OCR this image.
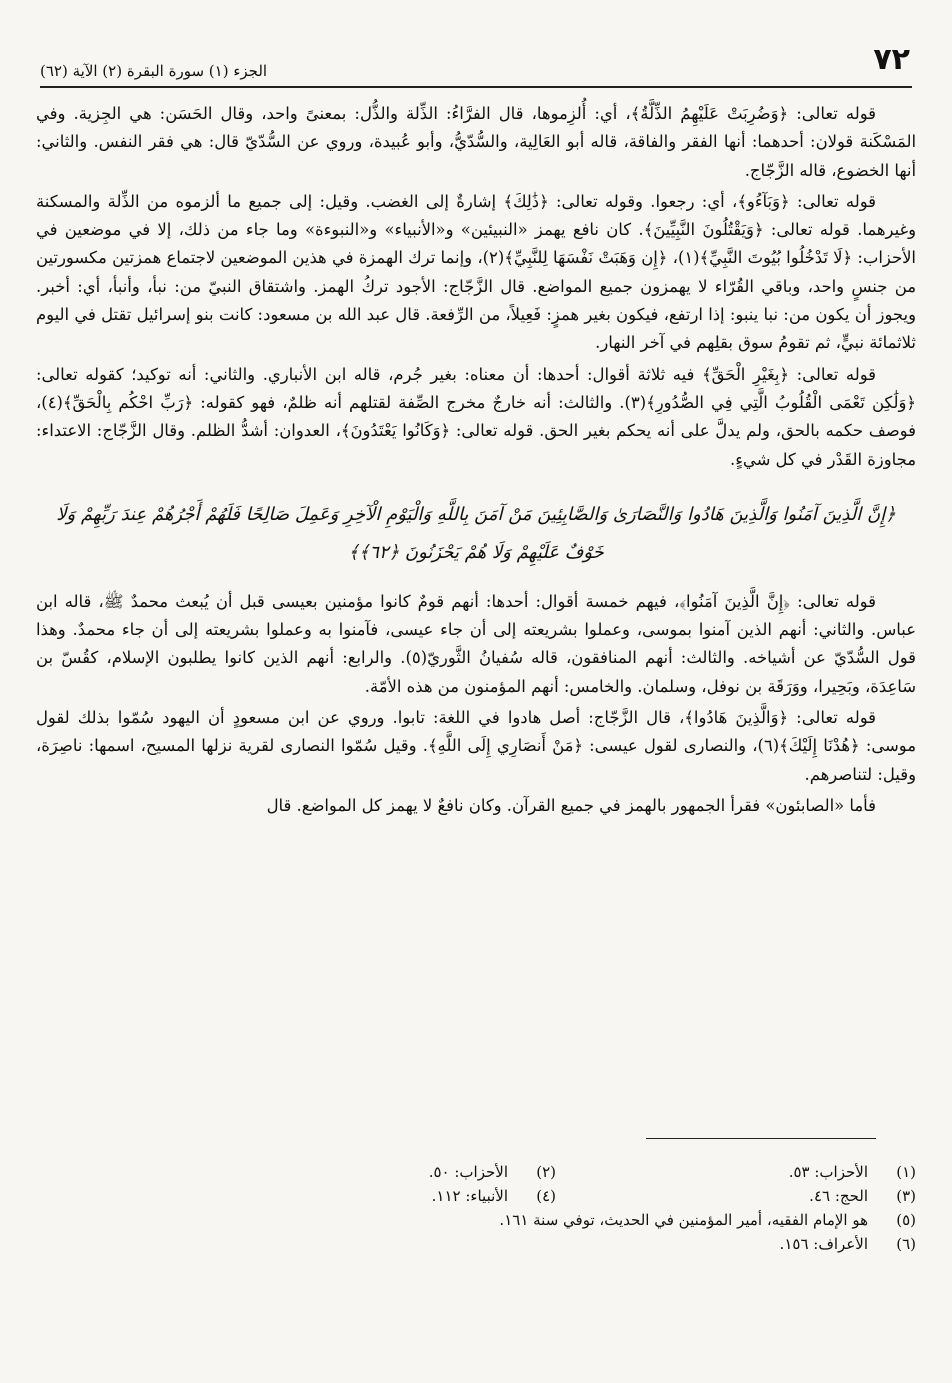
٧٢
الجزء (١) سورة البقرة (٢) الآية (٦٢)

قوله تعالى: ﴿وَضُرِبَتْ عَلَيْهِمُ الذِّلَّةُ﴾، أي: أُلزِموها، قال الفرَّاءُ: الذِّلة والذُّل: بمعنىً واحد، وقال الحَسَن: هي الجِزية. وفي المَسْكَنة قولان: أحدهما: أنها الفقر والفاقة، قاله أبو العَالِية، والسُّدّيُّ، وأبو عُبيدة، وروي عن السُّدّيّ قال: هي فقر النفس. والثاني: أنها الخضوع، قاله الزَّجّاج.

قوله تعالى: ﴿وَبَآءُو﴾، أي: رجعوا. وقوله تعالى: ﴿ذَٰلِكَ﴾ إشارةٌ إلى الغضب. وقيل: إلى جميع ما ألزموه من الذِّلة والمسكنة وغيرهما. قوله تعالى: ﴿وَيَقْتُلُونَ النَّبِيِّينَ﴾. كان نافع يهمز «النبيئين» و«الأنبياء» و«النبوءة» وما جاء من ذلك، إلا في موضعين في الأحزاب: ﴿لَا تَدْخُلُوا بُيُوتَ النَّبِيِّ﴾(١)، ﴿إِن وَهَبَتْ نَفْسَهَا لِلنَّبِيِّ﴾(٢)، وإنما ترك الهمزة في هذين الموضعين لاجتماع همزتين مكسورتين من جنسٍ واحد، وباقي القُرّاء لا يهمزون جميع المواضع. قال الزَّجّاج: الأجود تركُ الهمز. واشتقاق النبيّ من: نبأ، وأنبأ، أي: أخبر. ويجوز أن يكون من: نبا ينبو: إذا ارتفع، فيكون بغير همزٍ: فَعِيلاً، من الرِّفعة. قال عبد الله بن مسعود: كانت بنو إسرائيل تقتل في اليوم ثلاثمائة نبيٍّ، ثم تقومُ سوق بقلِهم في آخر النهار.

قوله تعالى: ﴿بِغَيْرِ الْحَقِّ﴾ فيه ثلاثة أقوال: أحدها: أن معناه: بغير جُرم، قاله ابن الأنباري. والثاني: أنه توكيد؛ كقوله تعالى: ﴿وَلَٰكِن تَعْمَى الْقُلُوبُ الَّتِي فِي الصُّدُورِ﴾(٣). والثالث: أنه خارجٌ مخرج الصِّفة لقتلهم أنه ظلمٌ، فهو كقوله: ﴿رَبِّ احْكُم بِالْحَقِّ﴾(٤)، فوصف حكمه بالحق، ولم يدلَّ على أنه يحكم بغير الحق. قوله تعالى: ﴿وَكَانُوا يَعْتَدُونَ﴾، العدوان: أشدُّ الظلم. وقال الزَّجّاج: الاعتداء: مجاوزة القَدْر في كل شيءٍ.

﴿إِنَّ الَّذِينَ آمَنُوا وَالَّذِينَ هَادُوا وَالنَّصَارَىٰ وَالصَّابِئِينَ مَنْ آمَنَ بِاللَّهِ وَالْيَوْمِ الْآخِرِ وَعَمِلَ صَالِحًا فَلَهُمْ أَجْرُهُمْ عِندَ رَبِّهِمْ وَلَا خَوْفٌ عَلَيْهِمْ وَلَا هُمْ يَحْزَنُونَ ﴿٦٢﴾﴾

قوله تعالى: ﴿إِنَّ الَّذِينَ آمَنُوا﴾، فيهم خمسة أقوال: أحدها: أنهم قومٌ كانوا مؤمنين بعيسى قبل أن يُبعث محمدٌ ﷺ، قاله ابن عباس. والثاني: أنهم الذين آمنوا بموسى، وعملوا بشريعته إلى أن جاء عيسى، فآمنوا به وعملوا بشريعته إلى أن جاء محمدٌ. وهذا قول السُّدّيّ عن أشياخه. والثالث: أنهم المنافقون، قاله سُفيانُ الثَّوريّ(٥). والرابع: أنهم الذين كانوا يطلبون الإسلام، كقُسّ بن سَاعِدَة، وبَحِيرا، ووَرَقَة بن نوفل، وسلمان. والخامس: أنهم المؤمنون من هذه الأمّة.

قوله تعالى: ﴿وَالَّذِينَ هَادُوا﴾، قال الزَّجّاج: أصل هادوا في اللغة: تابوا. وروي عن ابن مسعودٍ أن اليهود سُمّوا بذلك لقول موسى: ﴿هُدْنَا إِلَيْكَ﴾(٦)، والنصارى لقول عيسى: ﴿مَنْ أَنصَارِي إِلَى اللَّهِ﴾. وقيل سُمّوا النصارى لقرية نزلها المسيح، اسمها: ناصِرَة، وقيل: لتناصرهم.

فأما «الصابئون» فقرأ الجمهور بالهمز في جميع القرآن. وكان نافعٌ لا يهمز كل المواضع. قال

(١)
الأحزاب: ٥٣.
(٢)
الأحزاب: ٥٠.
(٣)
الحج: ٤٦.
(٤)
الأنبياء: ١١٢.
(٥)
هو الإمام الفقيه، أمير المؤمنين في الحديث، توفي سنة ١٦١.
(٦)
الأعراف: ١٥٦.
